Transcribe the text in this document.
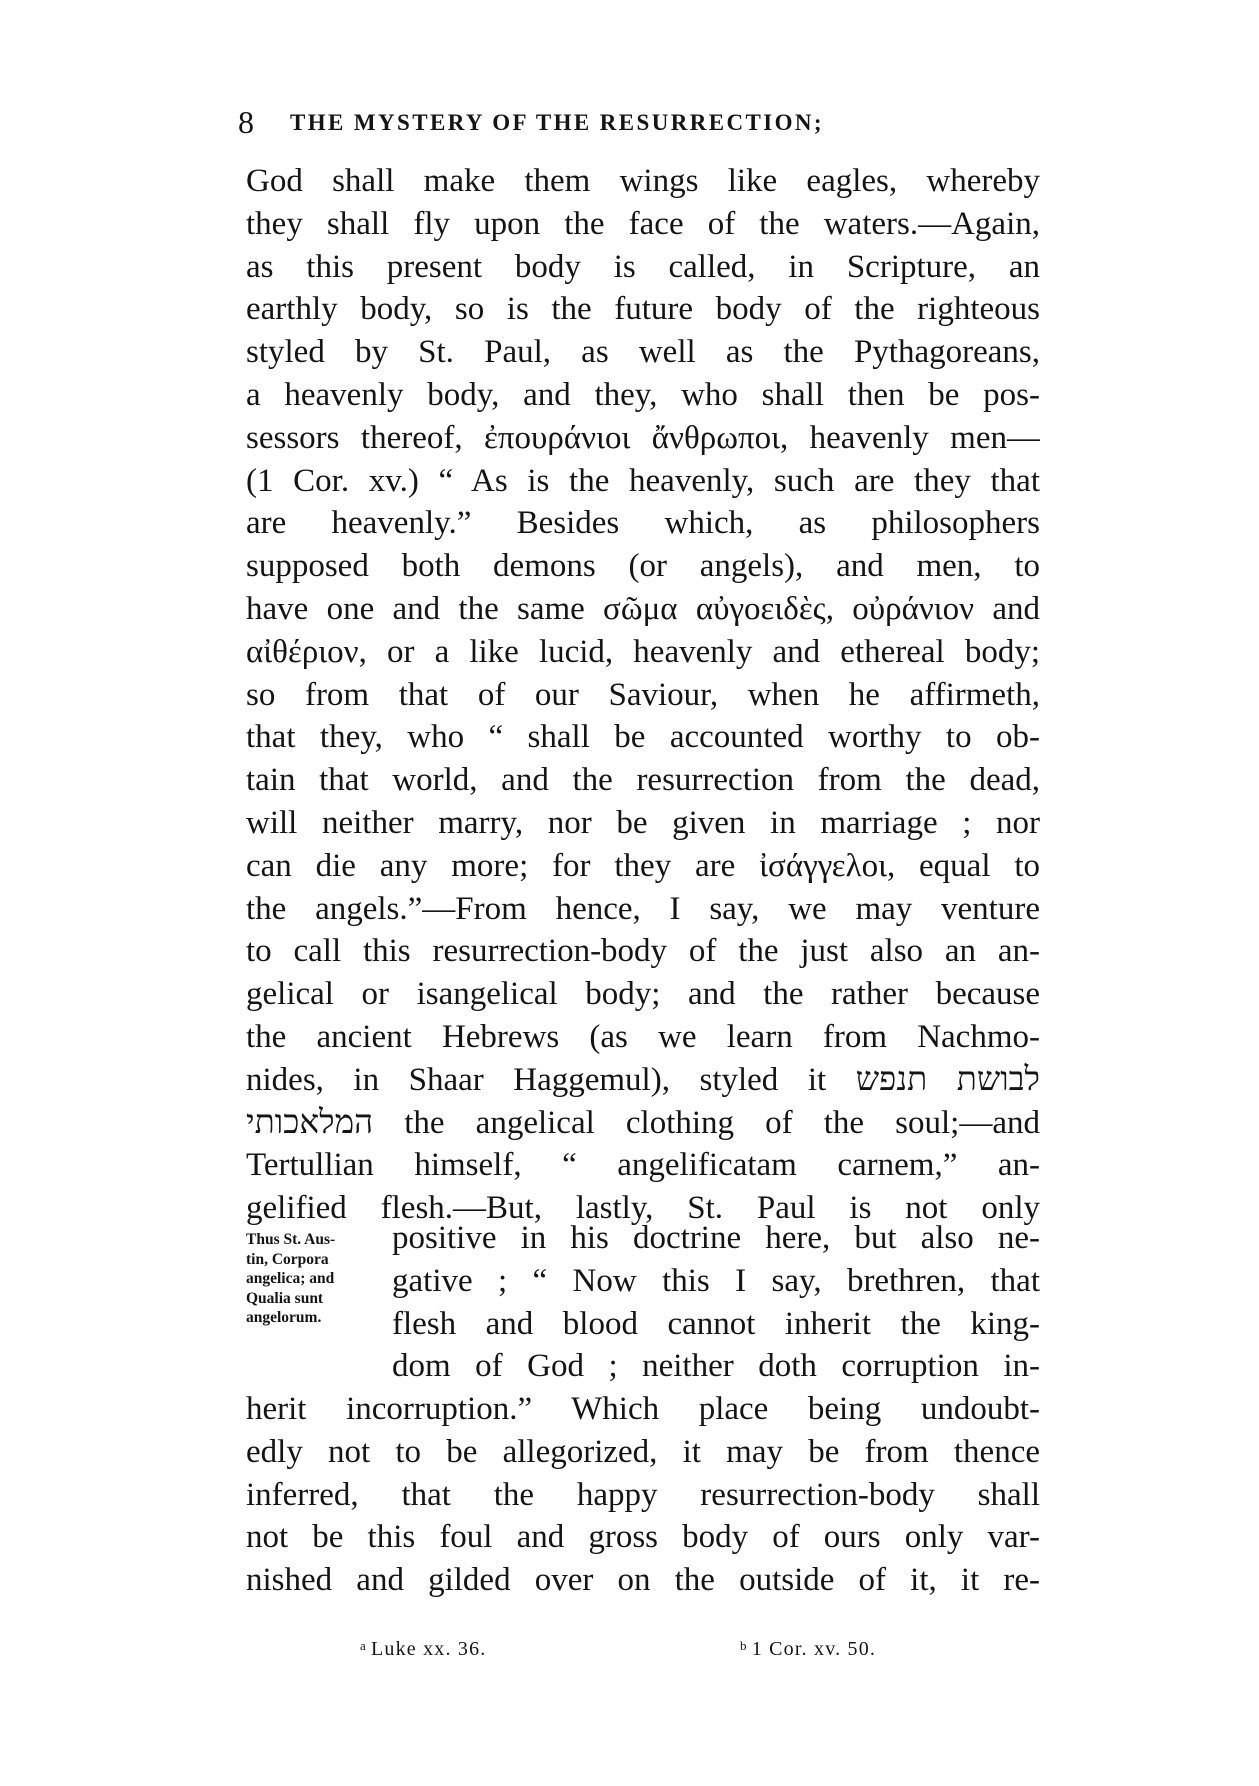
8 THE MYSTERY OF THE RESURRECTION;
God shall make them wings like eagles, whereby
they shall fly upon the face of the waters.—Again,
as this present body is called, in Scripture, an
earthly body, so is the future body of the righteous
styled by St. Paul, as well as the Pythagoreans,
a heavenly body, and they, who shall then be pos-
sessors thereof, ἐπουράνιοι ἄνθρωποι, heavenly men—
(1 Cor. xv.) “ As is the heavenly, such are they that
are heavenly.” Besides which, as philosophers
supposed both demons (or angels), and men, to
have one and the same σῶμα αὐγοειδὲς, οὐράνιον and
αἰθέριον, or a like lucid, heavenly and ethereal body;
so from that of our Saviour, when he affirmeth,
that they, who “ shall be accounted worthy to ob-
tain that world, and the resurrection from the dead,
will neither marry, nor be given in marriage ; nor
can die any more; for they are ἰσάγγελοι, equal to
the angels.”—From hence, I say, we may venture
to call this resurrection-body of the just also an an-
gelical or isangelical body; and the rather because
the ancient Hebrews (as we learn from Nachmo-
nides, in Shaar Haggemul), styled it לבושת תנפש
המלאכותי the angelical clothing of the soul;—and
Tertullian himself, “ angelificatam carnem,” an-
gelified flesh.—But, lastly, St. Paul is not only
Thus St. Aus-
tin, Corpora
angelica; and
Qualia sunt
angelorum.
positive in his doctrine here, but also ne-
gative ; “ Now this I say, brethren, that
flesh and blood cannot inherit the king-
dom of God ; neither doth corruption in-
herit incorruption.” Which place being undoubt-
edly not to be allegorized, it may be from thence
inferred, that the happy resurrection-body shall
not be this foul and gross body of ours only var-
nished and gilded over on the outside of it, it re-
$^a$ Luke xx. 36.	$^b$ 1 Cor. xv. 50.
